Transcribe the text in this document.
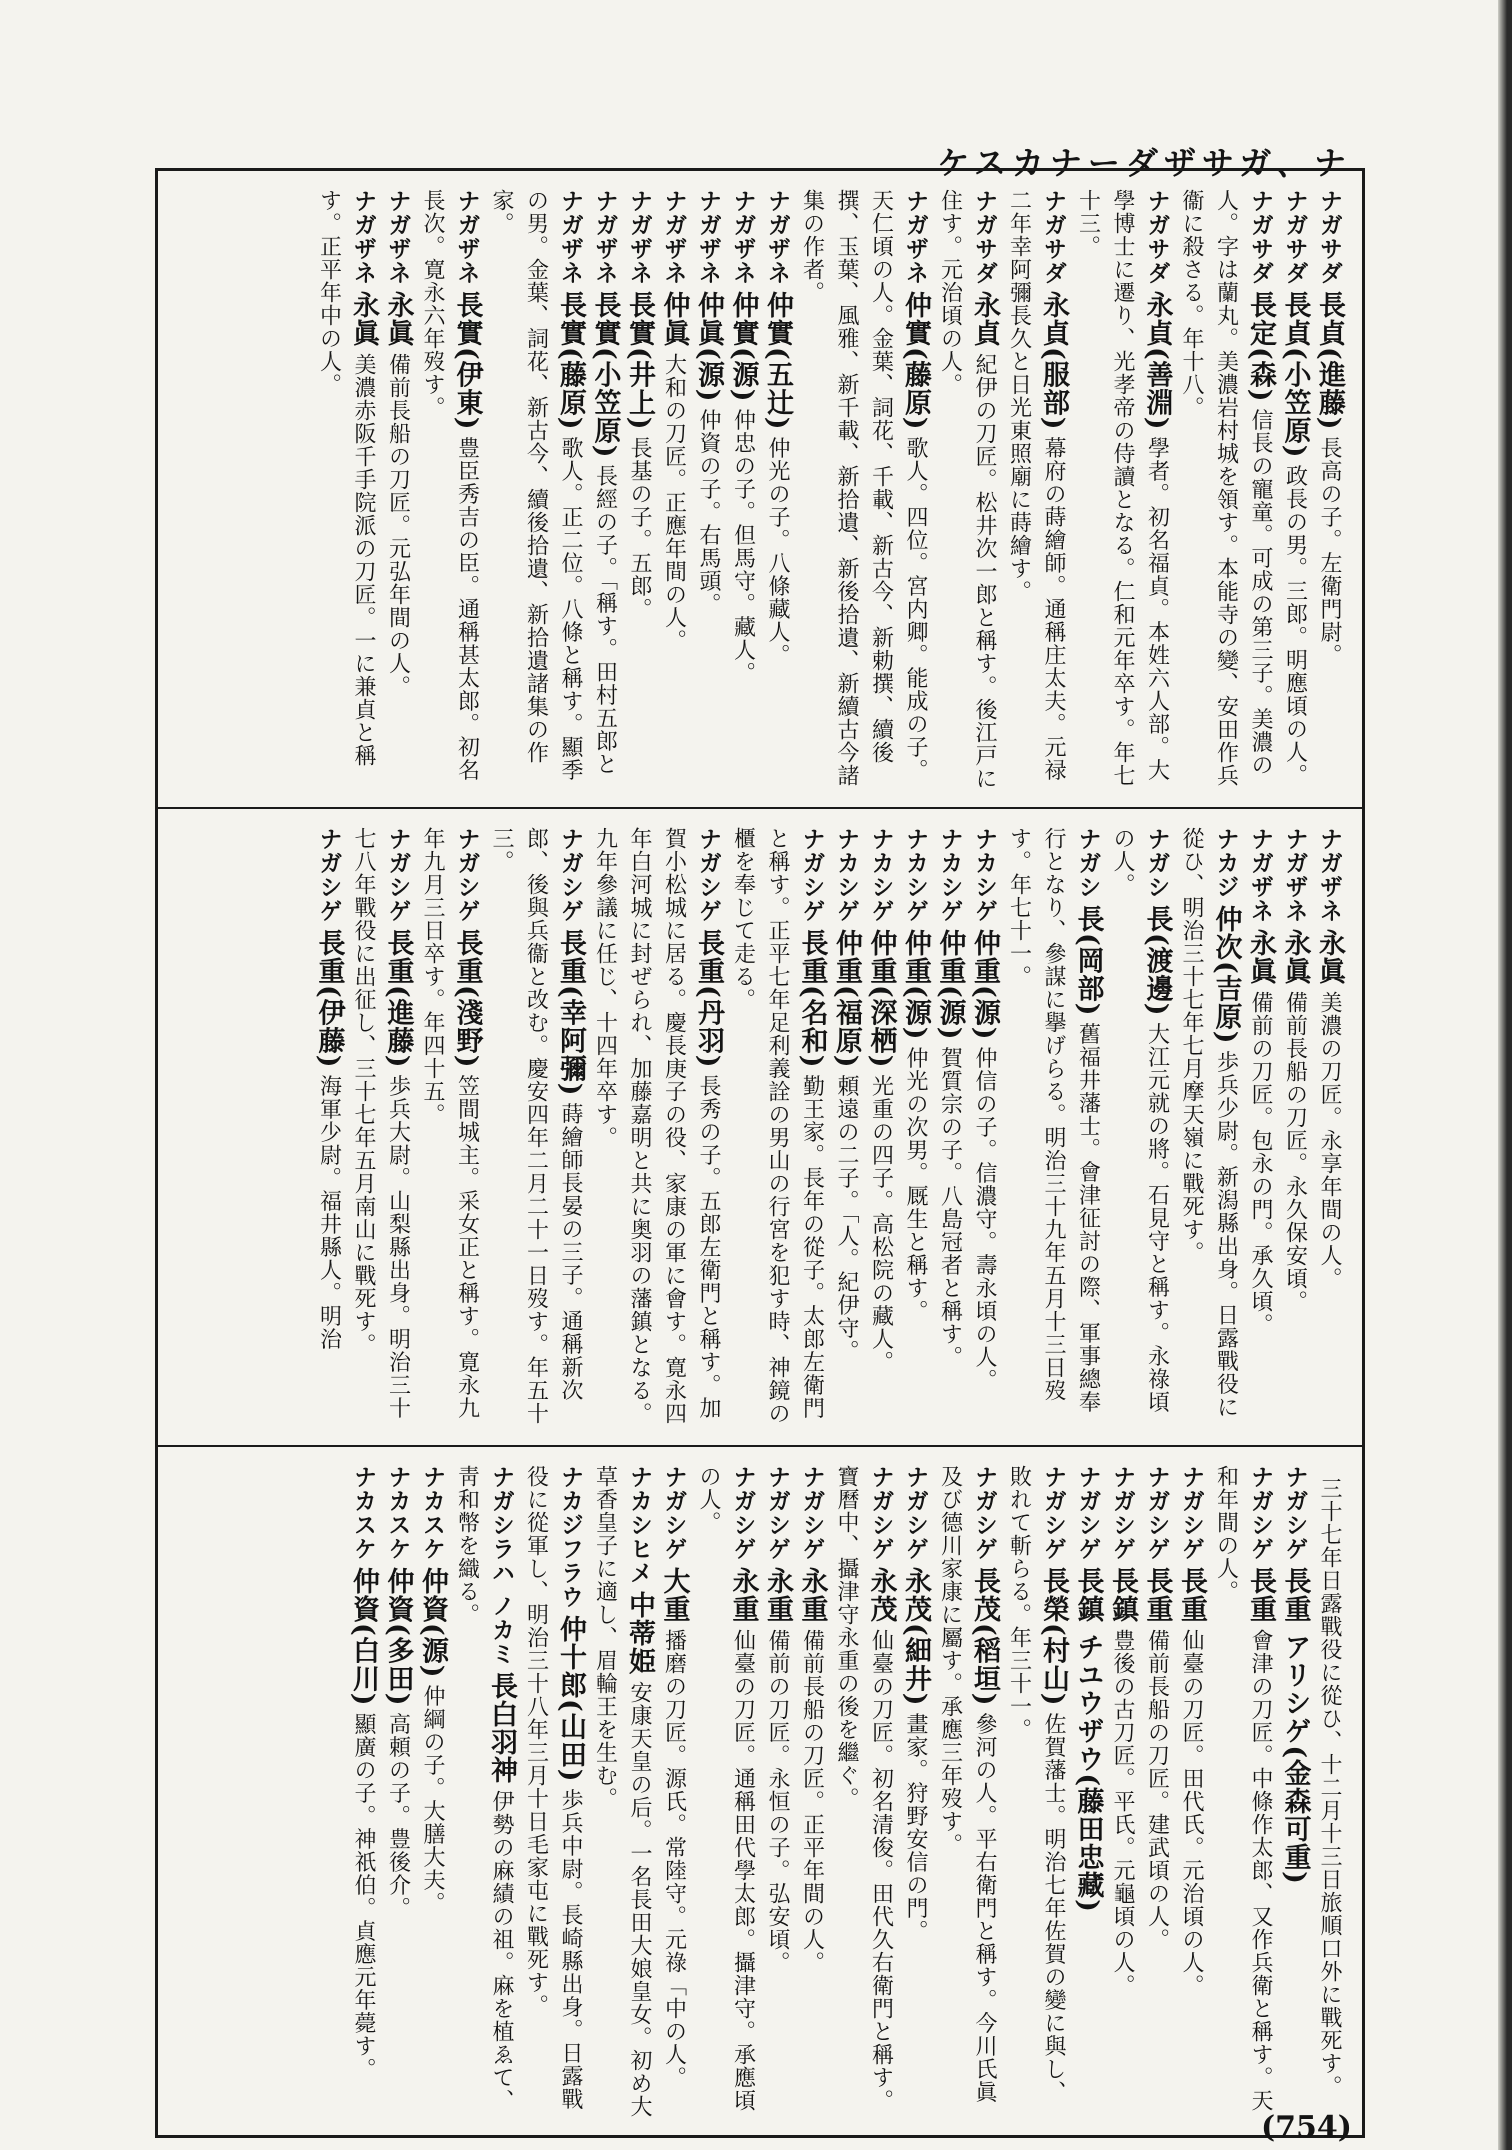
ケスカナーダザサガ、ナ
ナガサダ長貞(進藤)長高の子。左衛門尉。
ナガサダ長貞(小笠原)政長の男。三郎。明應頃の人。
ナガサダ長定(森)信長の寵童。可成の第三子。美濃の人。字は蘭丸。美濃岩村城を領す。本能寺の變、安田作兵衞に殺さる。年十八。
ナガサダ永貞(善淵)學者。初名福貞。本姓六人部。大學博士に遷り、光孝帝の侍讀となる。仁和元年卒す。年七十三。
ナガサダ永貞(服部)幕府の蒔繪師。通稱庄太夫。元禄二年幸阿彌長久と日光東照廟に蒔繪す。
ナガサダ永貞紀伊の刀匠。松井次一郎と稱す。後江戸に住す。元治頃の人。
ナガザネ仲實(藤原)歌人。四位。宮内卿。能成の子。天仁頃の人。金葉、詞花、千載、新古今、新勅撰、續後撰、玉葉、風雅、新千載、新拾遺、新後拾遺、新續古今諸集の作者。
ナガザネ仲實(五辻)仲光の子。八條藏人。
ナガザネ仲實(源)仲忠の子。但馬守。藏人。
ナガザネ仲眞(源)仲資の子。右馬頭。
ナガザネ仲眞大和の刀匠。正應年間の人。
ナガザネ長實(井上)長基の子。五郎。
ナガザネ長實(小笠原)長經の子。「稱す。田村五郎と
ナガザネ長實(藤原)歌人。正二位。八條と稱す。顯季の男。金葉、詞花、新古今、續後拾遺、新拾遺諸集の作家。
ナガザネ長實(伊東)豊臣秀吉の臣。通稱甚太郎。初名長次。寛永六年歿す。
ナガザネ永眞備前長船の刀匠。元弘年間の人。
ナガザネ永眞美濃赤阪千手院派の刀匠。一に兼貞と稱す。正平年中の人。
ナガザネ永眞美濃の刀匠。永享年間の人。
ナガザネ永眞備前長船の刀匠。永久保安頃。
ナガザネ永眞備前の刀匠。包永の門。承久頃。
ナカジ仲次(吉原)歩兵少尉。新潟縣出身。日露戰役に從ひ、明治三十七年七月摩天嶺に戰死す。
ナガシ長(渡邊)大江元就の將。石見守と稱す。永祿頃の人。
ナガシ長(岡部)舊福井藩士。會津征討の際、軍事總奉行となり、參謀に擧げらる。明治三十九年五月十三日歿す。年七十一。
ナカシゲ仲重(源)仲信の子。信濃守。壽永頃の人。
ナカシゲ仲重(源)賀質宗の子。八島冠者と稱す。
ナカシゲ仲重(源)仲光の次男。厩生と稱す。
ナカシゲ仲重(深栖)光重の四子。高松院の藏人。
ナカシゲ仲重(福原)頼遠の二子。「人。紀伊守。
ナガシゲ長重(名和)勤王家。長年の從子。太郎左衛門と稱す。正平七年足利義詮の男山の行宮を犯す時、神鏡の櫃を奉じて走る。
ナガシゲ長重(丹羽)長秀の子。五郎左衛門と稱す。加賀小松城に居る。慶長庚子の役、家康の軍に會す。寛永四年白河城に封ぜられ、加藤嘉明と共に奥羽の藩鎮となる。九年參議に任じ、十四年卒す。
ナガシゲ長重(幸阿彌)蒔繪師長晏の三子。通稱新次郎、後與兵衞と改む。慶安四年二月二十一日歿す。年五十三。
ナガシゲ長重(淺野)笠間城主。采女正と稱す。寛永九年九月三日卒す。年四十五。
ナガシゲ長重(進藤)歩兵大尉。山梨縣出身。明治三十七八年戰役に出征し、三十七年五月南山に戰死す。
ナガシゲ長重(伊藤)海軍少尉。福井縣人。明治
三十七年日露戰役に從ひ、十二月十三日旅順口外に戰死す。
ナガシゲ長重 アリシゲ(金森可重)
ナガシゲ長重會津の刀匠。中條作太郎、又作兵衛と稱す。天和年間の人。
ナガシゲ長重仙臺の刀匠。田代氏。元治頃の人。
ナガシゲ長重備前長船の刀匠。建武頃の人。
ナガシゲ長鎮豊後の古刀匠。平氏。元龜頃の人。
ナガシゲ長鎮 チユウザウ(藤田忠藏)
ナガシゲ長榮(村山)佐賀藩士。明治七年佐賀の變に與し、敗れて斬らる。年三十一。
ナガシゲ長茂(稻垣)參河の人。平右衛門と稱す。今川氏眞及び德川家康に屬す。承應三年歿す。
ナガシゲ永茂(細井)畫家。狩野安信の門。
ナガシゲ永茂仙臺の刀匠。初名清俊。田代久右衛門と稱す。寶曆中、攝津守永重の後を繼ぐ。
ナガシゲ永重備前長船の刀匠。正平年間の人。
ナガシゲ永重備前の刀匠。永恒の子。弘安頃。
ナガシゲ永重仙臺の刀匠。通稱田代學太郎。攝津守。承應頃の人。
ナガシゲ大重播磨の刀匠。源氏。常陸守。元祿「中の人。
ナカシヒメ中蒂姫安康天皇の后。一名長田大娘皇女。初め大草香皇子に適し、眉輪王を生む。
ナカジフラウ仲十郎(山田)歩兵中尉。長崎縣出身。日露戰役に從軍し、明治三十八年三月十日毛家屯に戰死す。
ナガシラハ ノカミ長白羽神伊勢の麻績の祖。麻を植ゑて、靑和幣を織る。
ナカスケ仲資(源)仲綱の子。大膳大夫。
ナカスケ仲資(多田)高頼の子。豊後介。
ナカスケ仲資(白川)顯廣の子。神祇伯。貞應元年薨す。
(754)
